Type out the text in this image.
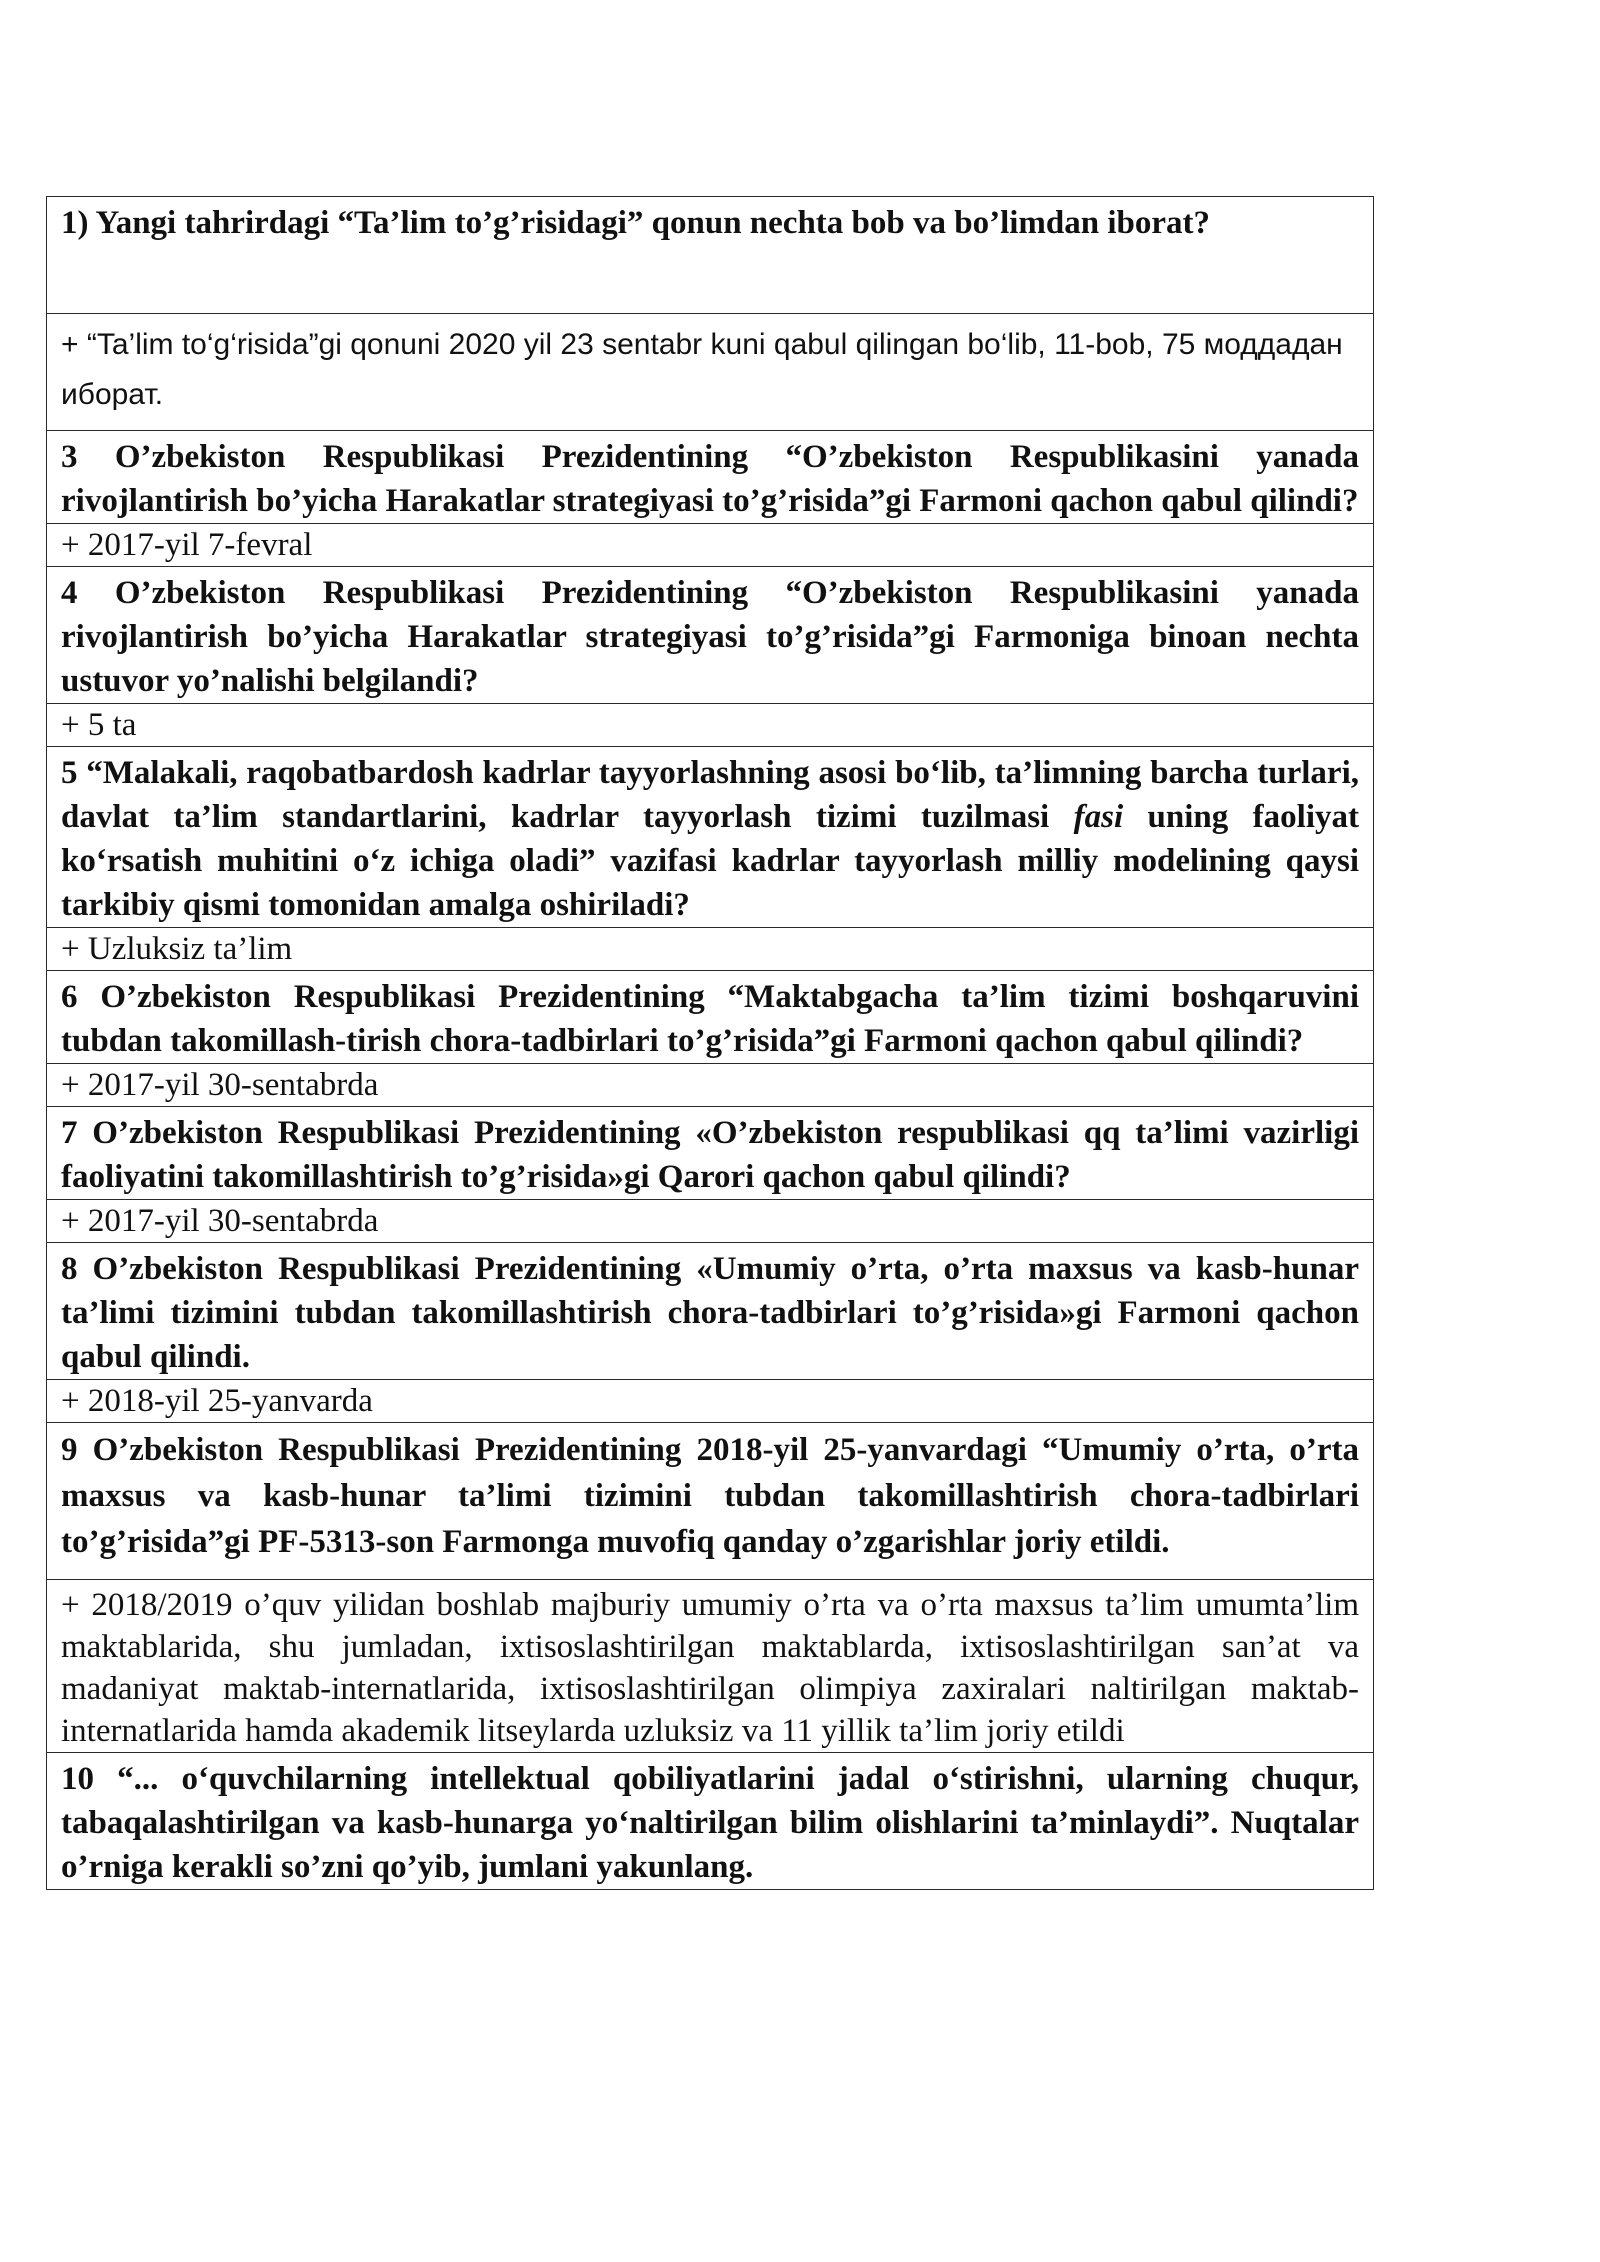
1) Yangi tahrirdagi “Ta’lim to’g’risidagi” qonun nechta bob va bo’limdan iborat?
+ “Ta’lim to‘g‘risida”gi qonuni 2020 yil 23 sentabr kuni qabul qilingan bo‘lib, 11-bob, 75 моддадан иборат.
3 O’zbekiston Respublikasi Prezidentining “O’zbekiston Respublikasini yanada rivojlantirish bo’yicha Harakatlar strategiyasi to’g’risida”gi Farmoni qachon qabul qilindi?
+ 2017-yil 7-fevral
4 O’zbekiston Respublikasi Prezidentining “O’zbekiston Respublikasini yanada rivojlantirish bo’yicha Harakatlar strategiyasi to’g’risida”gi Farmoniga binoan nechta ustuvor yo’nalishi belgilandi?
+ 5 ta
5 “Malakali, raqobatbardosh kadrlar tayyorlashning asosi bo‘lib, ta’limning barcha turlari, davlat ta’lim standartlarini, kadrlar tayyorlash tizimi tuzilmasi fasi uning faoliyat ko‘rsatish muhitini o‘z ichiga oladi” vazifasi kadrlar tayyorlash milliy modelining qaysi tarkibiy qismi tomonidan amalga oshiriladi?
+ Uzluksiz ta’lim
6 O’zbekiston Respublikasi Prezidentining “Maktabgacha ta’lim tizimi boshqaruvini tubdan takomillash-tirish chora-tadbirlari to’g’risida”gi Farmoni qachon qabul qilindi?
+ 2017-yil 30-sentabrda
7 O’zbekiston Respublikasi Prezidentining «O’zbekiston respublikasi qq ta’limi vazirligi faoliyatini takomillashtirish to’g’risida»gi Qarori qachon qabul qilindi?
+ 2017-yil 30-sentabrda
8 O’zbekiston Respublikasi Prezidentining «Umumiy o’rta, o’rta maxsus va kasb-hunar ta’limi tizimini tubdan takomillashtirish chora-tadbirlari to’g’risida»gi Farmoni qachon qabul qilindi.
+ 2018-yil 25-yanvarda
9 O’zbekiston Respublikasi Prezidentining 2018-yil 25-yanvardagi “Umumiy o’rta, o’rta maxsus va kasb-hunar ta’limi tizimini tubdan takomillashtirish chora-tadbirlari to’g’risida”gi PF-5313-son Farmonga muvofiq qanday o’zgarishlar joriy etildi.
+ 2018/2019 o’quv yilidan boshlab majburiy umumiy o’rta va o’rta maxsus ta’lim umumta’lim maktablarida, shu jumladan, ixtisoslashtirilgan maktablarda, ixtisoslashtirilgan san’at va madaniyat maktab-internatlarida, ixtisoslashtirilgan olimpiya zaxiralari naltirilgan maktab-internatlarida hamda akademik litseylarda uzluksiz va 11 yillik ta’lim joriy etildi
10 “... o‘quvchilarning intellektual qobiliyatlarini jadal o‘stirishni, ularning chuqur, tabaqalashtirilgan va kasb-hunarga yo‘naltirilgan bilim olishlarini ta’minlaydi”. Nuqtalar o’rniga kerakli so’zni qo’yib, jumlani yakunlang.
